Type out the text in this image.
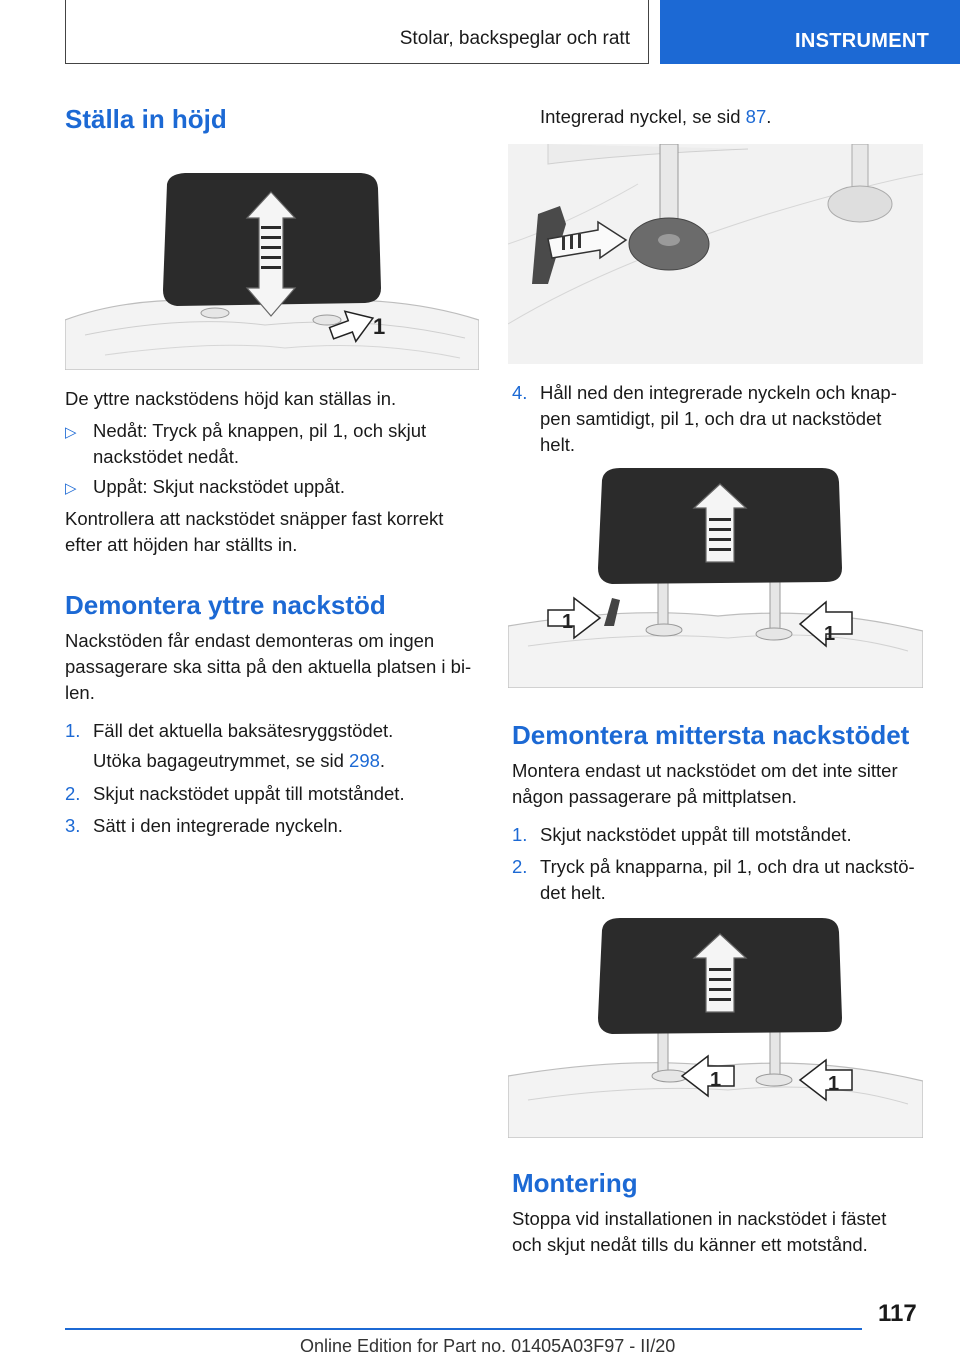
Stolar, backspeglar och ratt	INSTRUMENT
Ställa in höjd
1

De yttre nackstödens höjd kan ställas in.

▷ Nedåt: Tryck på knappen, pil 1, och skjut
nackstödet nedåt.
▷ Uppåt: Skjut nackstödet uppåt.

Kontrollera att nackstödet snäpper fast korrekt

efter att höjden har ställts in.

Demontera yttre nackstöd

Nackstöden får endast demonteras om ingen

passagerare ska sitta på den aktuella platsen i bi-

len.

1. Fäll det aktuella baksätesryggstödet.
Utöka bagageutrymmet, se sid 298.
2. Skjut nackstödet uppåt till motståndet.
3. Sätt i den integrerade nyckeln.

Integrerad nyckel, se sid 87.

4. Håll ned den integrerade nyckeln och knap-
pen samtidigt, pil 1, och dra ut nackstödet
helt.
1
1
Demontera mittersta nackstödet

Montera endast ut nackstödet om det inte sitter

någon passagerare på mittplatsen.

1. Skjut nackstödet uppåt till motståndet.
2. Tryck på knapparna, pil 1, och dra ut nackstö-
det helt.
1	1
Montering

Stoppa vid installationen in nackstödet i fästet

och skjut nedåt tills du känner ett motstånd.

117
Online Edition for Part no. 01405A03F97 - II/20
